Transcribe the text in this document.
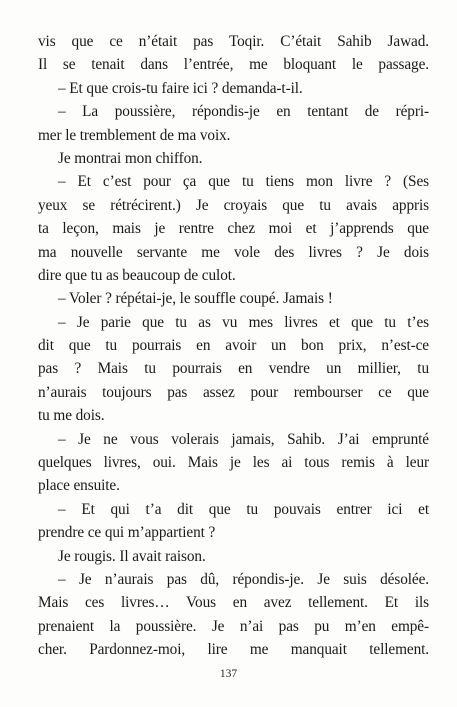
vis que ce n’était pas Toqir. C’était Sahib Jawad.
Il se tenait dans l’entrée, me bloquant le passage.
– Et que crois-tu faire ici ? demanda-t-il.
– La poussière, répondis-je en tentant de répri-
mer le tremblement de ma voix.
Je montrai mon chiffon.
– Et c’est pour ça que tu tiens mon livre ? (Ses
yeux se rétrécirent.) Je croyais que tu avais appris
ta leçon, mais je rentre chez moi et j’apprends que
ma nouvelle servante me vole des livres ? Je dois
dire que tu as beaucoup de culot.
– Voler ? répétai-je, le souffle coupé. Jamais !
– Je parie que tu as vu mes livres et que tu t’es
dit que tu pourrais en avoir un bon prix, n’est-ce
pas ? Mais tu pourrais en vendre un millier, tu
n’aurais toujours pas assez pour rembourser ce que
tu me dois.
– Je ne vous volerais jamais, Sahib. J’ai emprunté
quelques livres, oui. Mais je les ai tous remis à leur
place ensuite.
– Et qui t’a dit que tu pouvais entrer ici et
prendre ce qui m’appartient ?
Je rougis. Il avait raison.
– Je n’aurais pas dû, répondis-je. Je suis désolée.
Mais ces livres… Vous en avez tellement. Et ils
prenaient la poussière. Je n’ai pas pu m’en empê-
cher. Pardonnez-moi, lire me manquait tellement.
137
